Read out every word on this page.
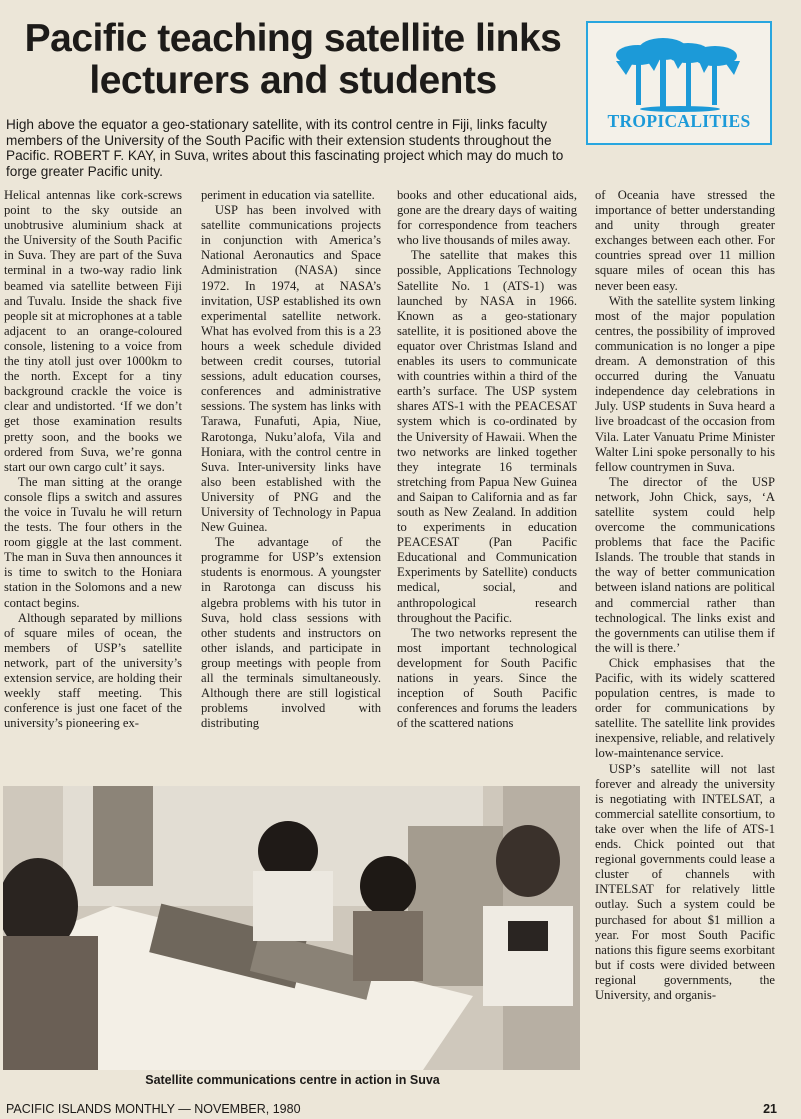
Pacific teaching satellite links lecturers and students
High above the equator a geo-stationary satellite, with its control centre in Fiji, links faculty members of the University of the South Pacific with their extension students throughout the Pacific. ROBERT F. KAY, in Suva, writes about this fascinating project which may do much to forge greater Pacific unity.
TROPICALITIES

Helical antennas like cork-screws point to the sky outside an unobtrusive aluminium shack at the University of the South Pacific in Suva. They are part of the Suva terminal in a two-way radio link beamed via satellite between Fiji and Tuvalu. Inside the shack five people sit at microphones at a table adjacent to an orange-coloured console, listening to a voice from the tiny atoll just over 1000km to the north. Except for a tiny background crackle the voice is clear and undistorted. ‘If we don’t get those examination results pretty soon, and the books we ordered from Suva, we’re gonna start our own cargo cult’ it says.

The man sitting at the orange console flips a switch and assures the voice in Tuvalu he will return the tests. The four others in the room giggle at the last comment. The man in Suva then announces it is time to switch to the Honiara station in the Solomons and a new contact begins.

Although separated by millions of square miles of ocean, the members of USP’s satellite network, part of the university’s extension service, are holding their weekly staff meeting. This conference is just one facet of the university’s pioneering ex-

periment in education via satellite.

USP has been involved with satellite communications projects in conjunction with America’s National Aeronautics and Space Administration (NASA) since 1972. In 1974, at NASA’s invitation, USP established its own experimental satellite network. What has evolved from this is a 23 hours a week schedule divided between credit courses, tutorial sessions, adult education courses, conferences and administrative sessions. The system has links with Tarawa, Funafuti, Apia, Niue, Rarotonga, Nuku’alofa, Vila and Honiara, with the control centre in Suva. Inter-university links have also been established with the University of PNG and the University of Technology in Papua New Guinea.

The advantage of the programme for USP’s extension students is enormous. A youngster in Rarotonga can discuss his algebra problems with his tutor in Suva, hold class sessions with other students and instructors on other islands, and participate in group meetings with people from all the terminals simultaneously. Although there are still logistical problems involved with distributing

books and other educational aids, gone are the dreary days of waiting for correspondence from teachers who live thousands of miles away.

The satellite that makes this possible, Applications Technology Satellite No. 1 (ATS-1) was launched by NASA in 1966. Known as a geo-stationary satellite, it is positioned above the equator over Christmas Island and enables its users to communicate with countries within a third of the earth’s surface. The USP system shares ATS-1 with the PEACESAT system which is co-ordinated by the University of Hawaii. When the two networks are linked together they integrate 16 terminals stretching from Papua New Guinea and Saipan to California and as far south as New Zealand. In addition to experiments in education PEACESAT (Pan Pacific Educational and Communication Experiments by Satellite) conducts medical, social, and anthropological research throughout the Pacific.

The two networks represent the most important technological development for South Pacific nations in years. Since the inception of South Pacific conferences and forums the leaders of the scattered nations

of Oceania have stressed the importance of better understanding and unity through greater exchanges between each other. For countries spread over 11 million square miles of ocean this has never been easy.

With the satellite system linking most of the major population centres, the possibility of improved communication is no longer a pipe dream. A demonstration of this occurred during the Vanuatu independence day celebrations in July. USP students in Suva heard a live broadcast of the occasion from Vila. Later Vanuatu Prime Minister Walter Lini spoke personally to his fellow countrymen in Suva.

The director of the USP network, John Chick, says, ‘A satellite system could help overcome the communications problems that face the Pacific Islands. The trouble that stands in the way of better communication between island nations are political and commercial rather than technological. The links exist and the governments can utilise them if the will is there.’

Chick emphasises that the Pacific, with its widely scattered population centres, is made to order for communications by satellite. The satellite link provides inexpensive, reliable, and relatively low-maintenance service.

USP’s satellite will not last forever and already the university is negotiating with INTELSAT, a commercial satellite consortium, to take over when the life of ATS-1 ends. Chick pointed out that regional governments could lease a cluster of channels with INTELSAT for relatively little outlay. Such a system could be purchased for about $1 million a year. For most South Pacific nations this figure seems exorbitant but if costs were divided between regional governments, the University, and organis-

Satellite communications centre in action in Suva
PACIFIC ISLANDS MONTHLY — NOVEMBER, 1980	21
